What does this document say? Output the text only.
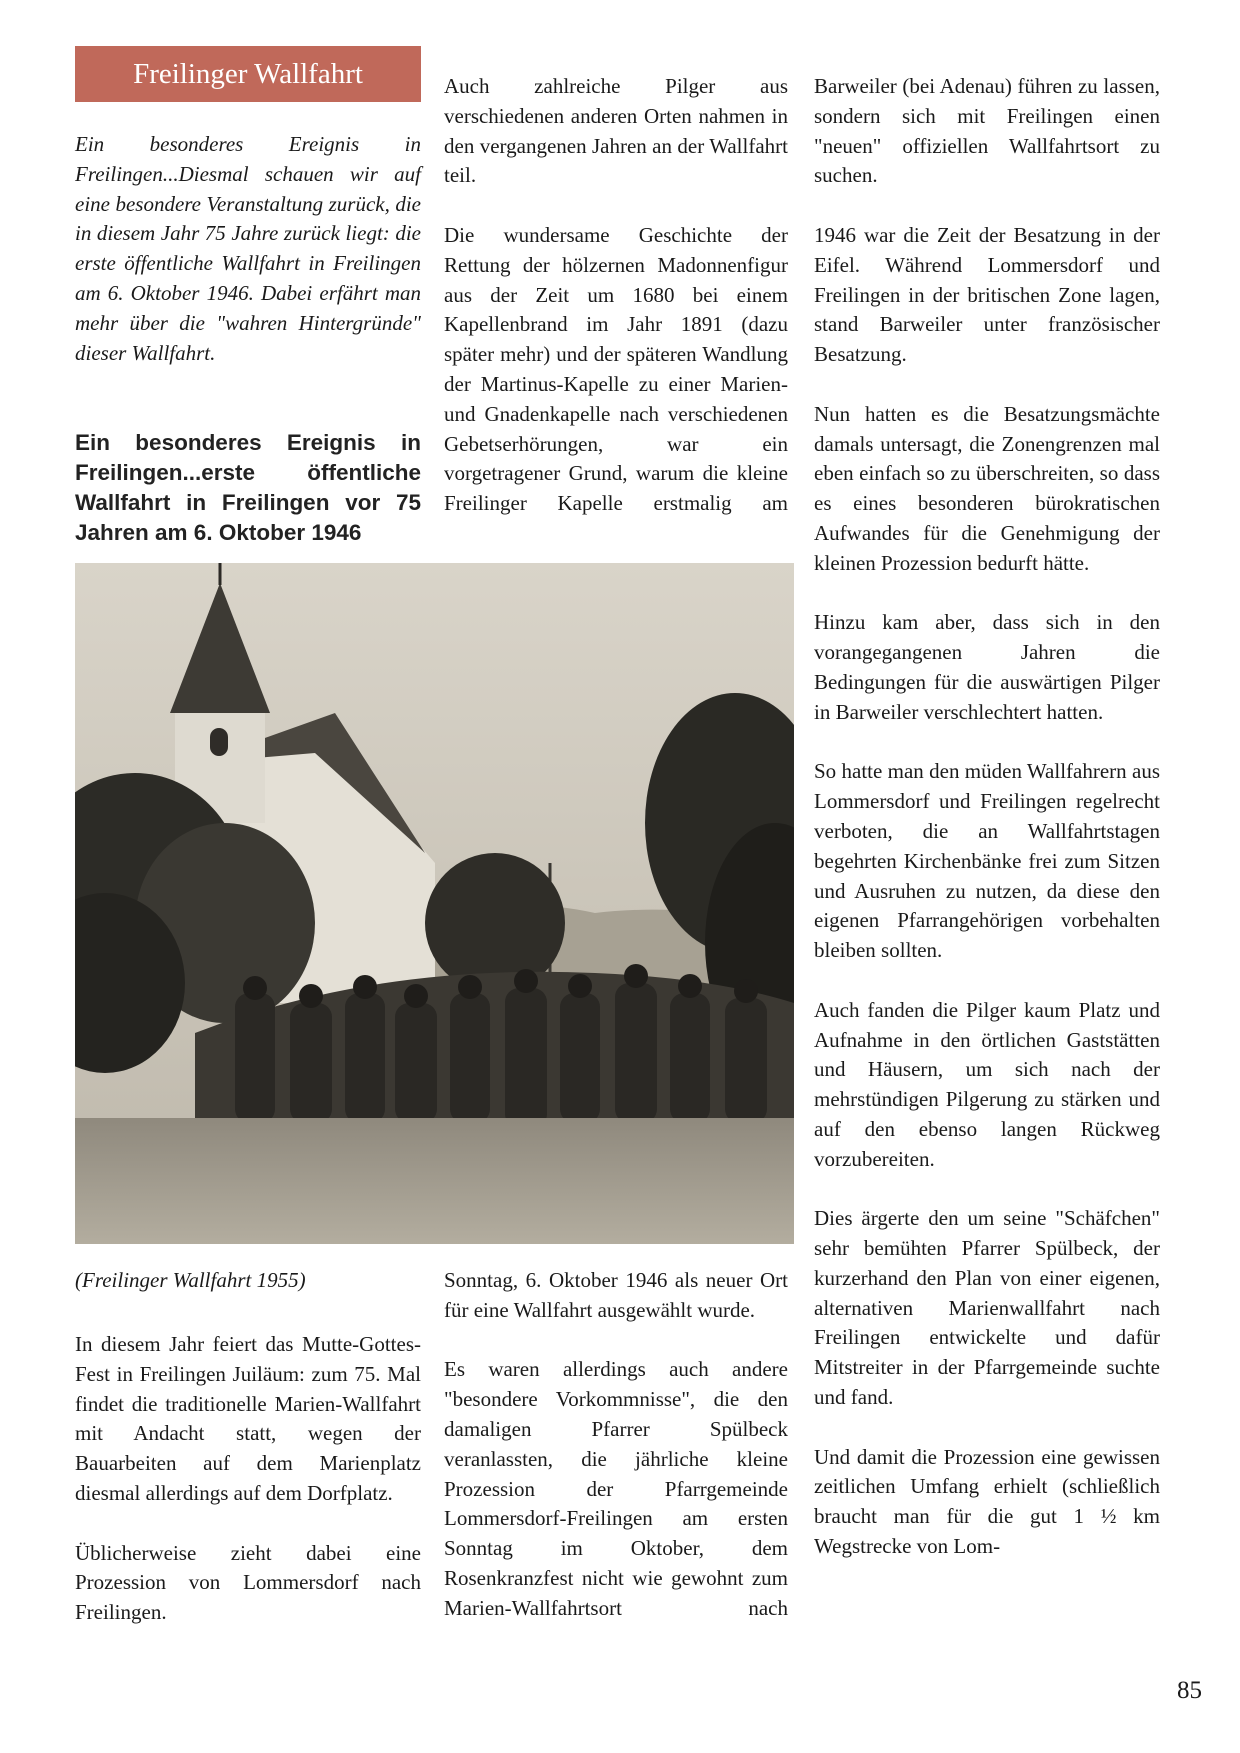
Freilinger Wallfahrt
Ein besonderes Ereignis in Freilingen...Diesmal schauen wir auf eine besondere Veranstaltung zurück, die in diesem Jahr 75 Jahre zurück liegt: die erste öffentliche Wallfahrt in Freilingen am 6. Oktober 1946. Dabei erfährt man mehr über die "wahren Hintergründe" dieser Wallfahrt.
Ein besonderes Ereignis in Freilingen...erste öffentliche Wallfahrt in Freilingen vor 75 Jahren am 6. Oktober 1946

Auch zahlreiche Pilger aus verschiedenen anderen Orten nahmen in den vergangenen Jahren an der Wallfahrt teil.

Die wundersame Geschichte der Rettung der hölzernen Madonnenfigur aus der Zeit um 1680 bei einem Kapellenbrand im Jahr 1891 (dazu später mehr) und der späteren Wandlung der Martinus-Kapelle zu einer Marien-und Gnadenkapelle nach verschiedenen Gebetserhörungen, war ein vorgetragener Grund, warum die kleine Freilinger Kapelle erstmalig am

Barweiler (bei Adenau) führen zu lassen, sondern sich mit Freilingen einen "neuen" offiziellen Wallfahrtsort zu suchen.

1946 war die Zeit der Besatzung in der Eifel. Während Lommersdorf und Freilingen in der britischen Zone lagen, stand Barweiler unter französischer Besatzung.

Nun hatten es die Besatzungsmächte damals untersagt, die Zonengrenzen mal eben einfach so zu überschreiten, so dass es eines besonderen bürokratischen Aufwandes für die Genehmigung der kleinen Prozession bedurft hätte.

Hinzu kam aber, dass sich in den vorangegangenen Jahren die Bedingungen für die auswärtigen Pilger in Barweiler verschlechtert hatten.

So hatte man den müden Wallfahrern aus Lommersdorf und Freilingen regelrecht verboten, die an Wallfahrtstagen begehrten Kirchenbänke frei zum Sitzen und Ausruhen zu nutzen, da diese den eigenen Pfarrangehörigen vorbehalten bleiben sollten.

Auch fanden die Pilger kaum Platz und Aufnahme in den örtlichen Gaststätten und Häusern, um sich nach der mehrstündigen Pilgerung zu stärken und auf den ebenso langen Rückweg vorzubereiten.

Dies ärgerte den um seine "Schäfchen" sehr bemühten Pfarrer Spülbeck, der kurzerhand den Plan von einer eigenen, alternativen Marienwallfahrt nach Freilingen entwickelte und dafür Mitstreiter in der Pfarrgemeinde suchte und fand.

Und damit die Prozession eine gewissen zeitlichen Umfang erhielt (schließlich braucht man für die gut 1 ½ km Wegstrecke von Lom-

(Freilinger Wallfahrt 1955)

In diesem Jahr feiert das Mutte-Gottes-Fest in Freilingen Juiläum: zum 75. Mal findet die traditionelle Marien-Wallfahrt mit Andacht statt, wegen der Bauarbeiten auf dem Marienplatz diesmal allerdings auf dem Dorfplatz.

Üblicherweise zieht dabei eine Prozession von Lommersdorf nach Freilingen.

Sonntag, 6. Oktober 1946 als neuer Ort für eine Wallfahrt ausgewählt wurde.

Es waren allerdings auch andere "besondere Vorkommnisse", die den damaligen Pfarrer Spülbeck veranlassten, die jährliche kleine Prozession der Pfarrgemeinde Lommersdorf-Freilingen am ersten Sonntag im Oktober, dem Rosenkranzfest nicht wie gewohnt zum Marien-Wallfahrtsort nach

85
